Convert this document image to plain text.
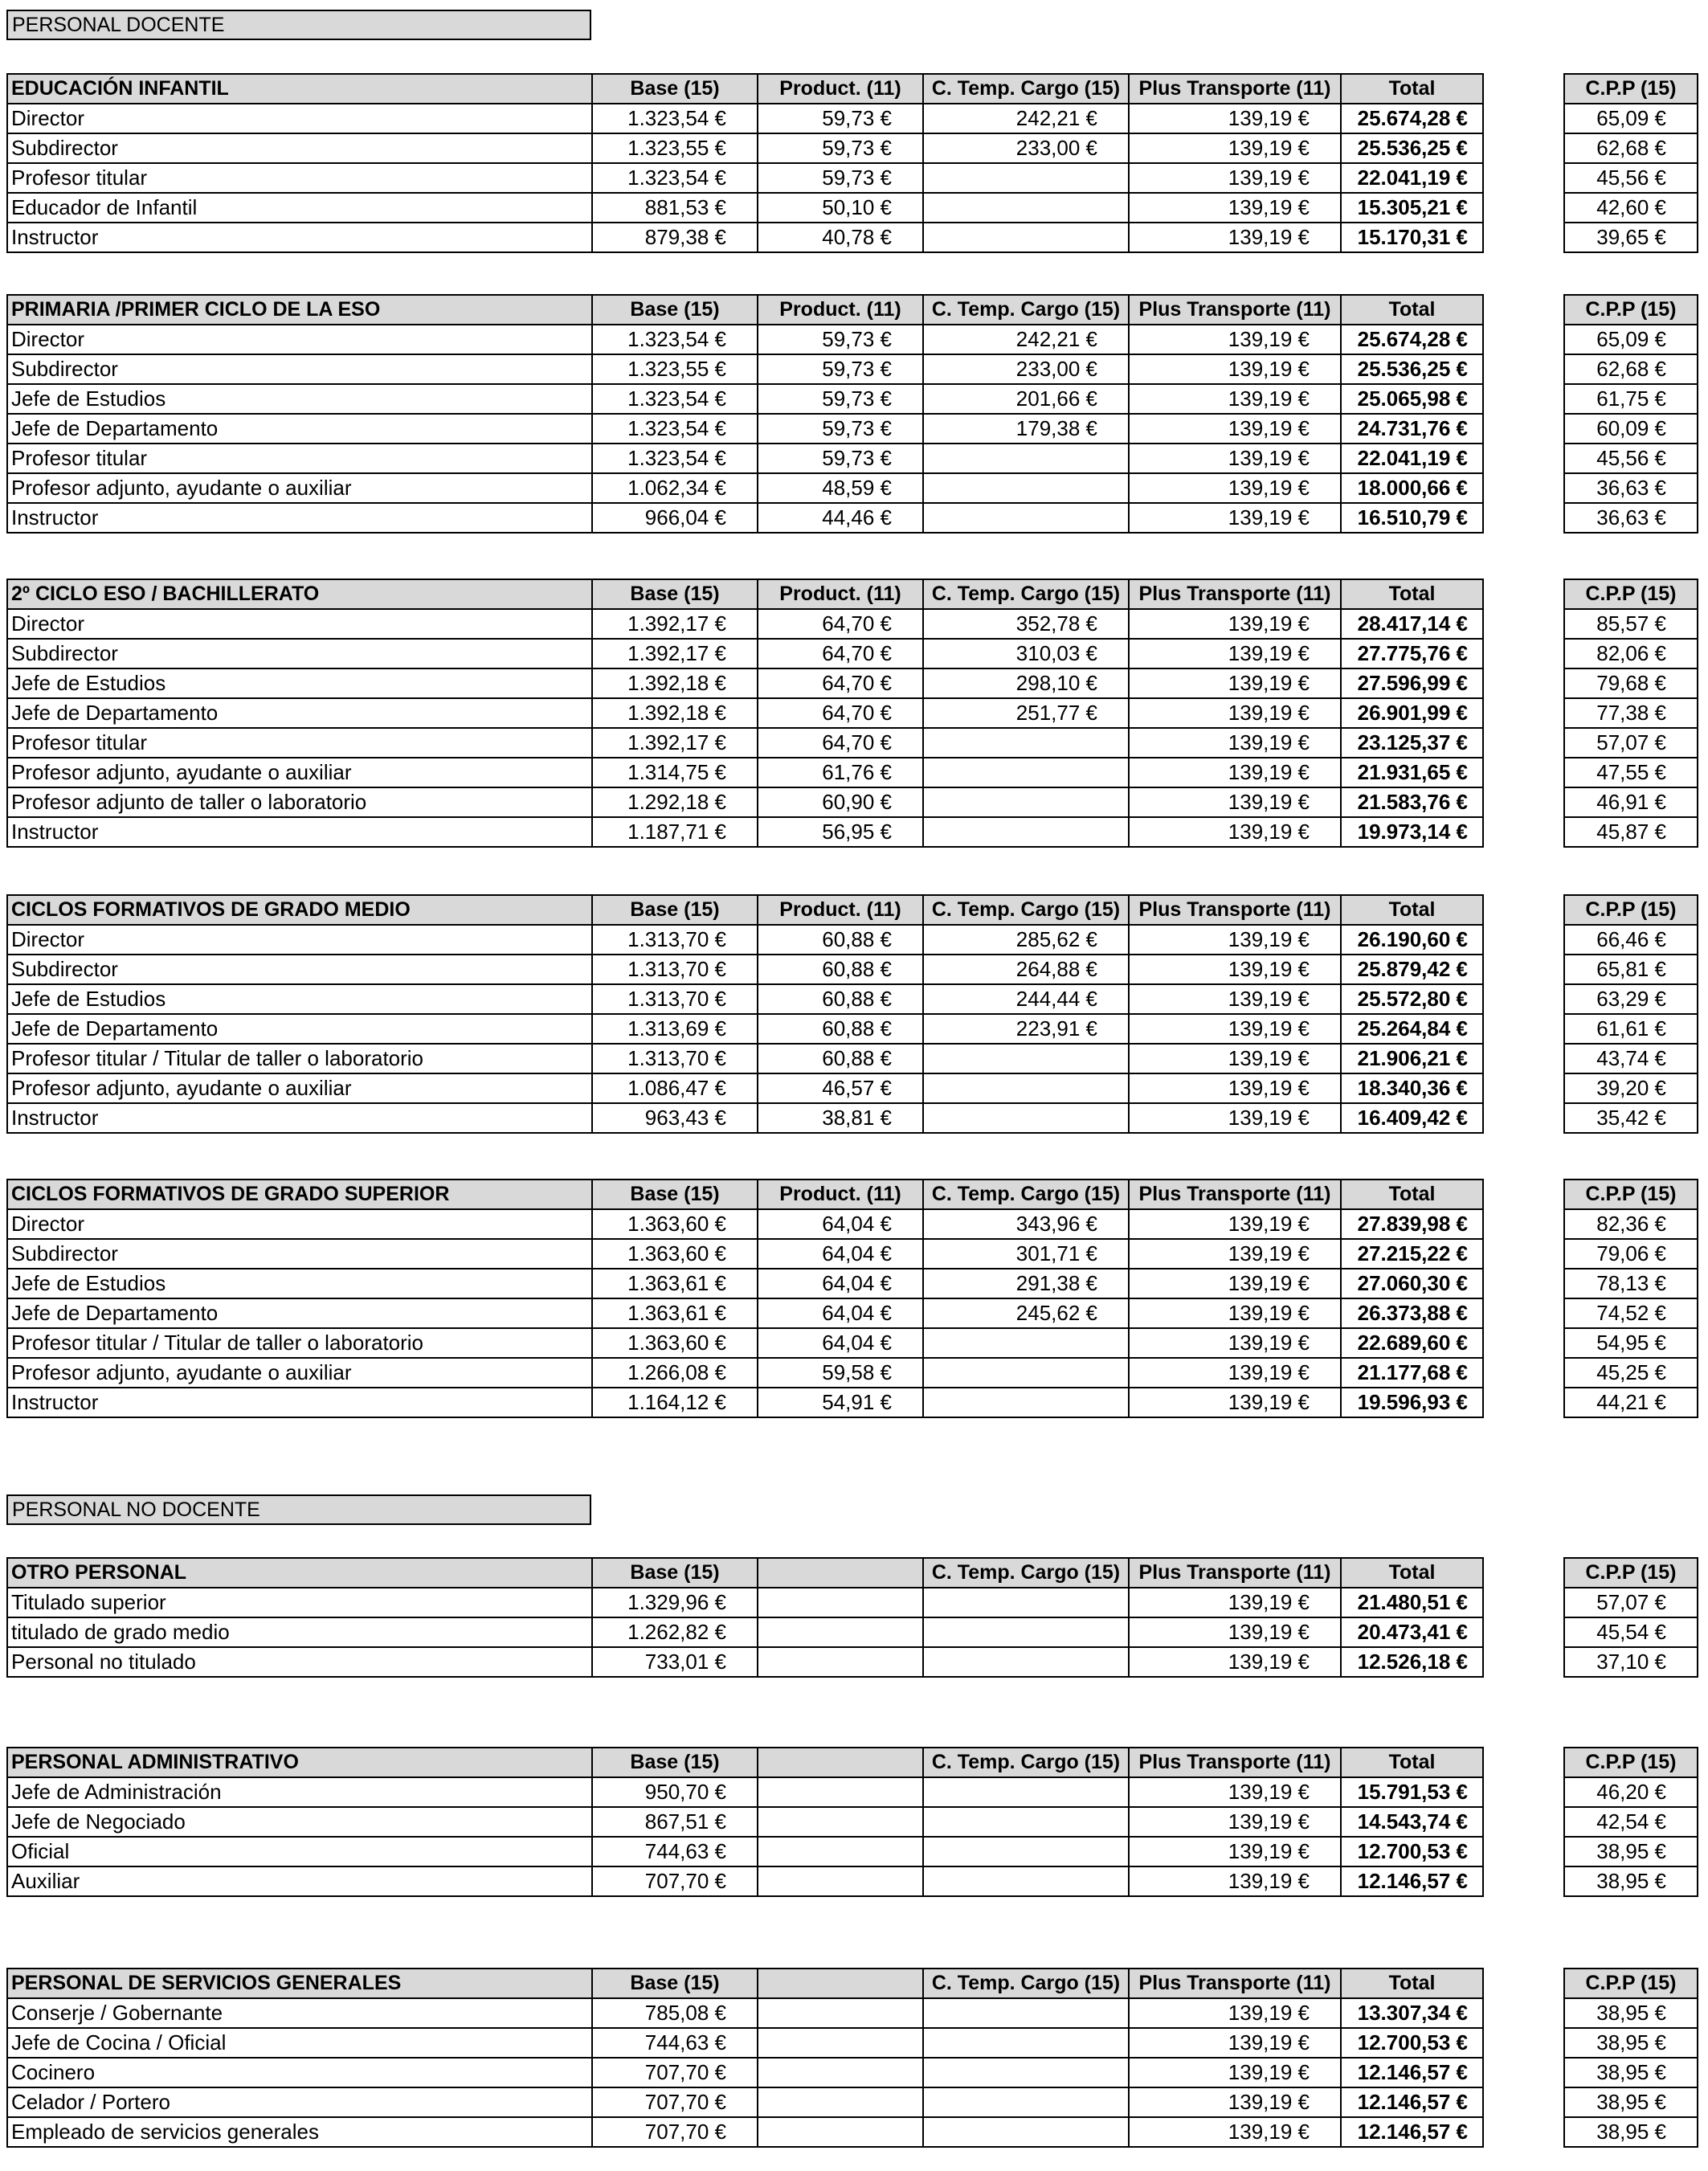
PERSONAL DOCENTE
PERSONAL NO DOCENTE
EDUCACIÓN INFANTIL	Base (15)	Product. (11)	C. Temp. Cargo (15)	Plus Transporte (11)	Total		C.P.P (15)
Director	1.323,54 €	59,73 €	242,21 €	139,19 €	25.674,28 €		65,09 €
Subdirector	1.323,55 €	59,73 €	233,00 €	139,19 €	25.536,25 €		62,68 €
Profesor titular	1.323,54 €	59,73 €		139,19 €	22.041,19 €		45,56 €
Educador de Infantil	881,53 €	50,10 €		139,19 €	15.305,21 €		42,60 €
Instructor	879,38 €	40,78 €		139,19 €	15.170,31 €		39,65 €
PRIMARIA /PRIMER CICLO DE LA ESO	Base (15)	Product. (11)	C. Temp. Cargo (15)	Plus Transporte (11)	Total		C.P.P (15)
Director	1.323,54 €	59,73 €	242,21 €	139,19 €	25.674,28 €		65,09 €
Subdirector	1.323,55 €	59,73 €	233,00 €	139,19 €	25.536,25 €		62,68 €
Jefe de Estudios	1.323,54 €	59,73 €	201,66 €	139,19 €	25.065,98 €		61,75 €
Jefe de Departamento	1.323,54 €	59,73 €	179,38 €	139,19 €	24.731,76 €		60,09 €
Profesor titular	1.323,54 €	59,73 €		139,19 €	22.041,19 €		45,56 €
Profesor adjunto, ayudante o auxiliar	1.062,34 €	48,59 €		139,19 €	18.000,66 €		36,63 €
Instructor	966,04 €	44,46 €		139,19 €	16.510,79 €		36,63 €
2º CICLO ESO / BACHILLERATO	Base (15)	Product. (11)	C. Temp. Cargo (15)	Plus Transporte (11)	Total		C.P.P (15)
Director	1.392,17 €	64,70 €	352,78 €	139,19 €	28.417,14 €		85,57 €
Subdirector	1.392,17 €	64,70 €	310,03 €	139,19 €	27.775,76 €		82,06 €
Jefe de Estudios	1.392,18 €	64,70 €	298,10 €	139,19 €	27.596,99 €		79,68 €
Jefe de Departamento	1.392,18 €	64,70 €	251,77 €	139,19 €	26.901,99 €		77,38 €
Profesor titular	1.392,17 €	64,70 €		139,19 €	23.125,37 €		57,07 €
Profesor adjunto, ayudante o auxiliar	1.314,75 €	61,76 €		139,19 €	21.931,65 €		47,55 €
Profesor adjunto de taller o laboratorio	1.292,18 €	60,90 €		139,19 €	21.583,76 €		46,91 €
Instructor	1.187,71 €	56,95 €		139,19 €	19.973,14 €		45,87 €
CICLOS FORMATIVOS DE GRADO MEDIO	Base (15)	Product. (11)	C. Temp. Cargo (15)	Plus Transporte (11)	Total		C.P.P (15)
Director	1.313,70 €	60,88 €	285,62 €	139,19 €	26.190,60 €		66,46 €
Subdirector	1.313,70 €	60,88 €	264,88 €	139,19 €	25.879,42 €		65,81 €
Jefe de Estudios	1.313,70 €	60,88 €	244,44 €	139,19 €	25.572,80 €		63,29 €
Jefe de Departamento	1.313,69 €	60,88 €	223,91 €	139,19 €	25.264,84 €		61,61 €
Profesor titular / Titular de taller o laboratorio	1.313,70 €	60,88 €		139,19 €	21.906,21 €		43,74 €
Profesor adjunto, ayudante o auxiliar	1.086,47 €	46,57 €		139,19 €	18.340,36 €		39,20 €
Instructor	963,43 €	38,81 €		139,19 €	16.409,42 €		35,42 €
CICLOS FORMATIVOS DE GRADO SUPERIOR	Base (15)	Product. (11)	C. Temp. Cargo (15)	Plus Transporte (11)	Total		C.P.P (15)
Director	1.363,60 €	64,04 €	343,96 €	139,19 €	27.839,98 €		82,36 €
Subdirector	1.363,60 €	64,04 €	301,71 €	139,19 €	27.215,22 €		79,06 €
Jefe de Estudios	1.363,61 €	64,04 €	291,38 €	139,19 €	27.060,30 €		78,13 €
Jefe de Departamento	1.363,61 €	64,04 €	245,62 €	139,19 €	26.373,88 €		74,52 €
Profesor titular / Titular de taller o laboratorio	1.363,60 €	64,04 €		139,19 €	22.689,60 €		54,95 €
Profesor adjunto, ayudante o auxiliar	1.266,08 €	59,58 €		139,19 €	21.177,68 €		45,25 €
Instructor	1.164,12 €	54,91 €		139,19 €	19.596,93 €		44,21 €
OTRO PERSONAL	Base (15)		C. Temp. Cargo (15)	Plus Transporte (11)	Total		C.P.P (15)
Titulado superior	1.329,96 €			139,19 €	21.480,51 €		57,07 €
titulado de grado medio	1.262,82 €			139,19 €	20.473,41 €		45,54 €
Personal no titulado	733,01 €			139,19 €	12.526,18 €		37,10 €
PERSONAL ADMINISTRATIVO	Base (15)		C. Temp. Cargo (15)	Plus Transporte (11)	Total		C.P.P (15)
Jefe de Administración	950,70 €			139,19 €	15.791,53 €		46,20 €
Jefe de Negociado	867,51 €			139,19 €	14.543,74 €		42,54 €
Oficial	744,63 €			139,19 €	12.700,53 €		38,95 €
Auxiliar	707,70 €			139,19 €	12.146,57 €		38,95 €
PERSONAL DE SERVICIOS GENERALES	Base (15)		C. Temp. Cargo (15)	Plus Transporte (11)	Total		C.P.P (15)
Conserje / Gobernante	785,08 €			139,19 €	13.307,34 €		38,95 €
Jefe de Cocina / Oficial	744,63 €			139,19 €	12.700,53 €		38,95 €
Cocinero	707,70 €			139,19 €	12.146,57 €		38,95 €
Celador / Portero	707,70 €			139,19 €	12.146,57 €		38,95 €
Empleado de servicios generales	707,70 €			139,19 €	12.146,57 €		38,95 €
